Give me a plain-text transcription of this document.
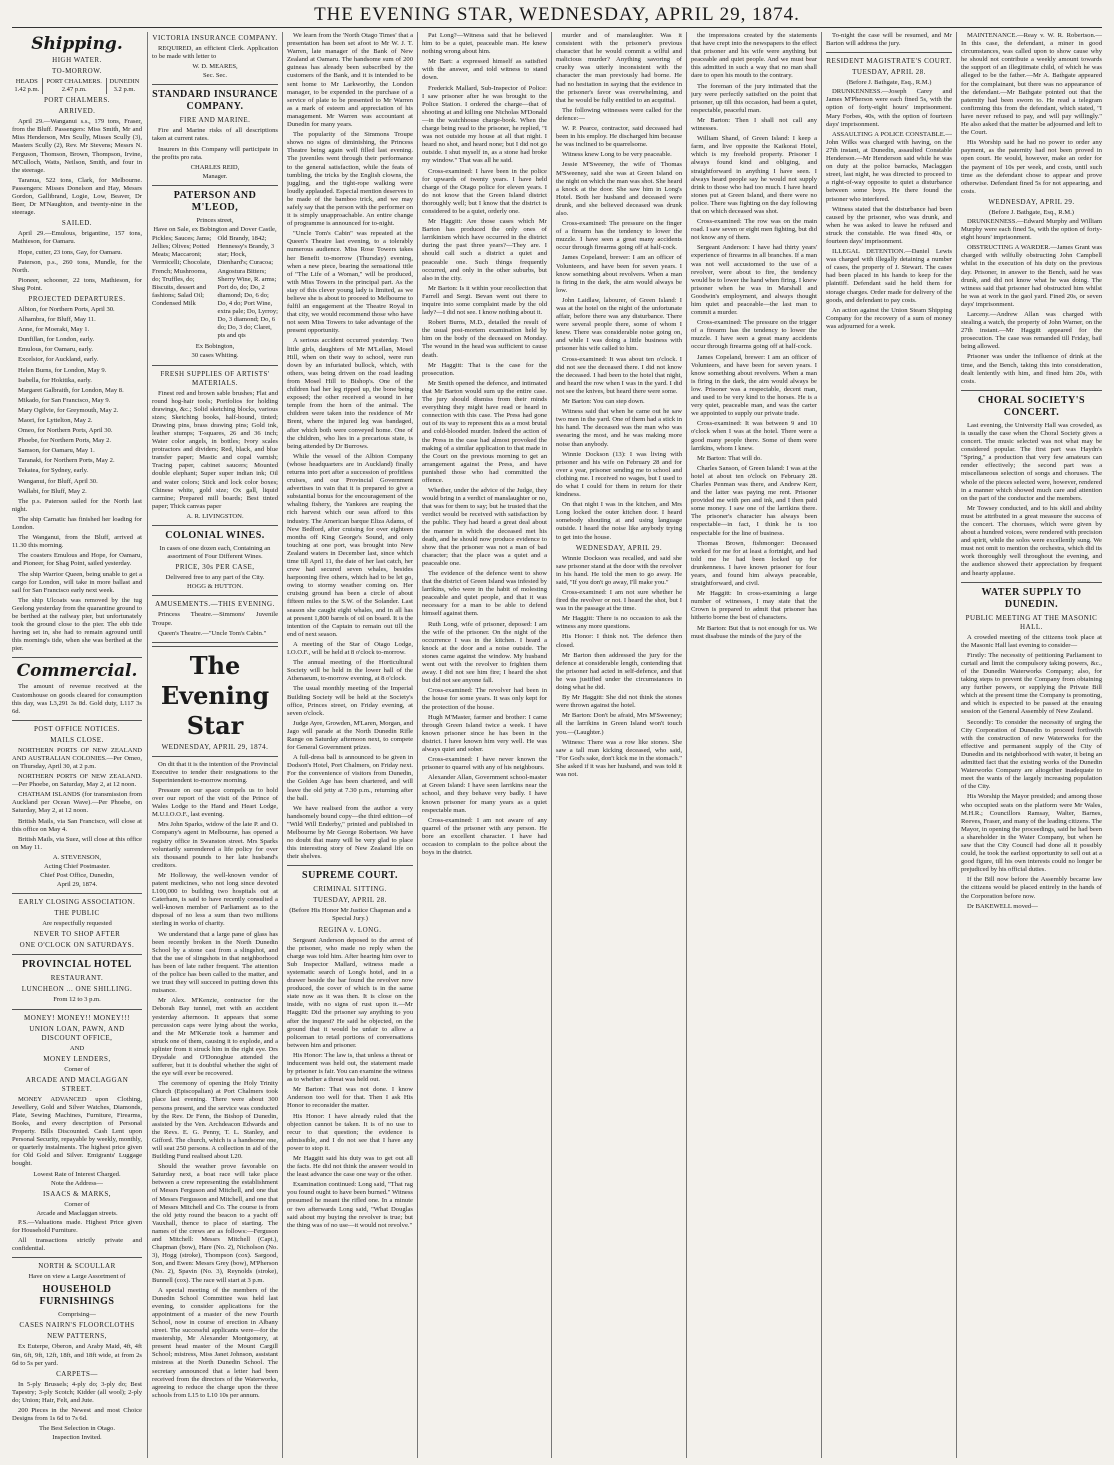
THE EVENING STAR, WEDNESDAY, APRIL 29, 1874.
Shipping.
HIGH WATER.
TO-MORROW.
HEADS	PORT CHALMERS.	DUNEDIN
1.42 p.m.	2.47 p.m.	3.2 p.m.
PORT CHALMERS.
ARRIVED.

April 29.—Wanganui s.s., 179 tons, Fraser, from the Bluff. Passengers: Miss Smith, Mr and Miss Henderson, Mrs Scully, Misses Scully (3), Masters Scully (2), Rev. Mr Stevens; Messrs N. Ferguson, Thomson, Brown, Thompson, Irvine, M'Culloch, Watts, Neilson, Smith, and four in the steerage.

Taranua, 522 tons, Clark, for Melbourne. Passengers: Misses Donelson and Hay, Messrs Gordon, Gallibrand, Logie, Low, Beaver, Dr Beer, Dr M'Naughton, and twenty-nine in the steerage.

SAILED.

April 29.—Emulous, brigantine, 157 tons, Mathieson, for Oamaru.

Hope, cutter, 23 tons, Gay, for Oamaru.

Paterson, p.s., 260 tons, Mundle, for the North.

Pioneer, schooner, 22 tons, Mathieson, for Shag Point.

PROJECTED DEPARTURES.

Albion, for Northern Ports, April 30.

Alhambra, for Bluff, May 11.

Anne, for Moeraki, May 1.

Dunfillan, for London, early.

Emulous, for Oamaru, early.

Excelsior, for Auckland, early.

Helen Burns, for London, May 9.

Isabella, for Hokitika, early.

Margaret Galbraith, for London, May 8.

Mikado, for San Francisco, May 9.

Mary Ogilvie, for Greymouth, May 2.

Maori, for Lyttelton, May 2.

Omeo, for Northern Ports, April 30.

Phoebe, for Northern Ports, May 2.

Samson, for Oamaru, May 1.

Taranaki, for Northern Ports, May 2.

Tekatea, for Sydney, early.

Wanganui, for Bluff, April 30.

Wallabi, for Bluff, May 2.

The p.s. Paterson sailed for the North last night.

The ship Carnatic has finished her loading for London.

The Wanganui, from the Bluff, arrived at 11.30 this morning.

The coasters Emulous and Hope, for Oamaru, and Pioneer, for Shag Point, sailed yesterday.

The ship Warrior Queen, being unable to get a cargo for London, will take in more ballast and sail for San Francisco early next week.

The ship Ulcoats was removed by the tug Geelong yesterday from the quarantine ground to be berthed at the railway pier, but unfortunately took the ground close to the pier. The ebb tide having set in, she had to remain aground until this morning's tide, when she was berthed at the pier.

Commercial.

The amount of revenue received at the Customhouse on goods cleared for consumption this day, was L3,291 3s 8d. Gold duty, L117 3s 6d.

POST OFFICE NOTICES.
MAILS CLOSE.

NORTHERN PORTS OF NEW ZEALAND AND AUSTRALIAN COLONIES.—Per Omeo, on Thursday, April 30, at 2 p.m.

NORTHERN PORTS OF NEW ZEALAND.—Per Phoebe, on Saturday, May 2, at 12 noon.

CHATHAM ISLANDS (for transmission from Auckland per Ocean Wave).—Per Phoebe, on Saturday, May 2, at 12 noon.

British Mails, via San Francisco, will close at this office on May 4.

British Mails, via Suez, will close at this office on May 11.

A. STEVENSON,

Acting Chief Postmaster.

Chief Post Office, Dunedin,

April 29, 1874.

EARLY CLOSING ASSOCIATION.
THE PUBLIC

Are respectfully requested

NEVER TO SHOP AFTER
ONE O'CLOCK ON SATURDAYS.
PROVINCIAL HOTEL
RESTAURANT.
LUNCHEON ... ONE SHILLING.

From 12 to 3 p.m.

MONEY! MONEY!! MONEY!!!
UNION LOAN, PAWN, AND DISCOUNT OFFICE,

AND

MONEY LENDERS,

Corner of

ARCADE AND MACLAGGAN STREET.

MONEY ADVANCED upon Clothing, Jewellery, Gold and Silver Watches, Diamonds, Plate, Sewing Machines, Furniture, Firearms, Books, and every description of Personal Property. Bills Discounted. Cash Lent upon Personal Security, repayable by weekly, monthly, or quarterly instalments. The highest price given for Old Gold and Silver. Emigrants' Luggage bought.

Lowest Rate of Interest Charged.

Note the Address—

ISAACS & MARKS,

Corner of

Arcade and Maclaggan streets.

P.S.—Valuations made. Highest Price given for Household Furniture.

All transactions strictly private and confidential.

NORTH & SCOULLAR

Have on view a Large Assortment of

HOUSEHOLD FURNISHINGS

Comprising—

CASES NAIRN'S FLOORCLOTHS
NEW PATTERNS,

Ex Euterpe, Oberon, and Araby Maid, 4ft, 4ft 6in, 6ft, 9ft, 12ft, 18ft, and 18ft wide, at from 2s 6d to 5s per yard.

CARPETS—

In 5-ply Brussels; 4-ply do; 3-ply do; Best Tapestry; 3-ply Scotch; Kidder (all wool); 2-ply do; Union; Hair, Felt, and Jute.

200 Pieces in the Newest and most Choice Designs from 1s 6d to 7s 6d.

The Best Selection in Otago.

Inspection Invited.

VICTORIA INSURANCE COMPANY.

REQUIRED, an efficient Clerk. Application to be made with letter to

W. D. MEARES,

Sec. Sec.

STANDARD INSURANCE COMPANY.
FIRE AND MARINE.

Fire and Marine risks of all descriptions taken at current rates.

Insurers in this Company will participate in the profits pro rata.

CHARLES REID,

Manager.

PATERSON AND M'LEOD,

Princes street,

Have on Sale, ex Bobington and Dover Castle,

Pickles; Sauces; Jams; Jellies; Olives; Potted Meats; Maccaroni; Vermicelli; Chocolate, French; Mushrooms, do; Truffles, do; Biscuits, dessert and fashions; Salad Oil; Condensed Milk

Old Brandy, 1842; Hennessy's Brandy, 3 star; Hock, Dienhard's; Curacoa; Angostura Bitters; Sherry Wine, R. arms; Port do, do; Do, 2 diamond; Do, 6 do; Do, 4 do; Port Wine, extra pale; Do, Lyrroy; Do, 3 diamond; Do, 6 do; Do, 3 do; Claret, pts and qts

Ex Bobington,

30 cases Whiting.

FRESH SUPPLIES OF ARTISTS' MATERIALS.

Finest red and brown sable brushes; Flat and round hog-hair tools; Portfolios for holding drawings, &c.; Solid sketching blocks, various sizes; Sketching books, half-bound, tinted; Drawing pins, brass drawing pins; Gold ink, leather stumps; T-squares, 26 and 36 inch; Water color angels, in bottles; Ivory scales protractors and dividers; Red, black, and blue transfer paper; Mastic and copal varnish; Tracing paper, cabinet saucers; Mounted double elephant; Super super indian ink; Oil and water colors; Stick and lock color boxes; Chinese white, gold size; Ox gall, liquid carmine; Prepared mill boards; Best tinted paper; Thick canvas paper

A. R. LIVINGSTON.

COLONIAL WINES.

In cases of one dozen each, Containing an assortment of Four Different Wines.

PRICE, 30s PER CASE,

Delivered free to any part of the City.

HOGG & HUTTON.

AMUSEMENTS.—THIS EVENING.

Princess Theatre.—Simmons' Juvenile Troupe.

Queen's Theatre.—"Uncle Tom's Cabin."

The Evening Star
WEDNESDAY, APRIL 29, 1874.

On dit that it is the intention of the Provincial Executive to tender their resignations to the Superintendent to-morrow morning.

Pressure on our space compels us to hold over our report of the visit of the Prince of Wales Lodge to the Hand and Heart Lodge, M.U.I.O.O.F., last evening.

Mrs John Sparks, widow of the late P. and O. Company's agent in Melbourne, has opened a registry office in Swanston street. Mrs Sparks voluntarily surrendered a life policy for over six thousand pounds to her late husband's creditors.

Mr Holloway, the well-known vendor of patent medicines, who not long since devoted L100,000 to building two hospitals out at Caterham, is said to have recently consulted a well-known member of Parliament as to the disposal of no less a sum than two millions sterling in works of charity.

We understand that a large pane of glass has been recently broken in the North Dunedin School by a stone cast from a slingshot, and that the use of slingshots in that neighborhood has been of late rather frequent. The attention of the police has been called to the matter, and we trust they will succeed in putting down this nuisance.

Mr Alex. M'Kenzie, contractor for the Deborah Bay tunnel, met with an accident yesterday afternoon. It appears that some percussion caps were lying about the works, and the Mr M'Kenzie took a hammer and struck one of them, causing it to explode, and a splinter from it struck him in the right eye. Drs Drysdale and O'Donoghue attended the sufferer, but it is doubtful whether the sight of the eye will ever be recovered.

The ceremony of opening the Holy Trinity Church (Episcopalian) at Port Chalmers took place last evening. There were about 300 persons present, and the service was conducted by the Rev. Dr Fenn, the Bishop of Dunedin, assisted by the Ven. Archdeacon Edwards and the Revs. E. G. Penny, T. L. Stanley, and Gifford. The church, which is a handsome one, will seat 250 persons. A collection in aid of the Building Fund realised about L20.

Should the weather prove favorable on Saturday next, a boat race will take place between a crew representing the establishment of Messrs Ferguson and Mitchell, and one that of Messrs Fergusson and Mitchell, and one that of Messrs Mitchell and Co. The course is from the old jetty round the beacon to a yacht off Vauxhall, thence to place of starting. The names of the crews are as follows:—Ferguson and Mitchell: Messrs Mitchell (Capt.), Chapman (bow), Hare (No. 2), Nicholson (No. 3), Hogg (stroke), Thompson (cox). Sargood, Son, and Ewen: Messrs Grey (bow), M'Pherson (No. 2), Spavin (No. 3), Reynolds (stroke), Bunnell (cox). The race will start at 3 p.m.

A special meeting of the members of the Dunedin School Committee was held last evening, to consider applications for the appointment of a master of the new Fourth School, now in course of erection in Albany street. The successful applicants were—for the mastership, Mr Alexander Montgomery, at present head master of the Mount Cargill School; mistress, Miss Janet Johnson, assistant mistress at the North Dunedin School. The secretary announced that a letter had been received from the directors of the Waterworks, agreeing to reduce the charge upon the three schools from L15 to L10 10s per annum.

We learn from the 'North Otago Times' that a presentation has been set afoot to Mr W. J. T. Warren, late manager of the Bank of New Zealand at Oamaru. The handsome sum of 200 guineas has already been subscribed by the customers of the Bank, and it is intended to be sent home to Mr Larkworthy, the London manager, to be expended in the purchase of a service of plate to be presented to Mr Warren as a mark of esteem and appreciation of his management. Mr Warren was accountant at Dunedin for many years.

The popularity of the Simmons Troupe shows no signs of diminishing, the Princess Theatre being again well filled last evening. The juveniles went through their performance to the general satisfaction, while the feats of tumbling, the tricks by the English clowns, the juggling, and the tight-rope walking were loudly applauded. Especial mention deserves to be made of the bamboo trick, and we may safely say that the person with the performer on it is simply unapproachable. An entire change of programme is announced for to-night.

"Uncle Tom's Cabin" was repeated at the Queen's Theatre last evening, to a tolerably numerous audience. Miss Rose Towers takes her Benefit to-morrow (Thursday) evening, when a new piece, bearing the sensational title of "The Life of a Woman," will be produced, with Miss Towers in the principal part. As the stay of this clever young lady is limited, as we believe she is about to proceed to Melbourne to fulfil an engagement at the Theatre Royal in that city, we would recommend those who have not seen Miss Towers to take advantage of the present opportunity.

A serious accident occurred yesterday. Two little girls, daughters of Mr M'Lellan, Mosel Hill, when on their way to school, were run down by an infuriated bullock, which, with others, was being driven on the road leading from Mosel Hill to Bishop's. One of the children had her leg ripped up, the bone being exposed; the other received a wound in her temple from the horn of the animal. The children were taken into the residence of Mr Brent, where the injured leg was bandaged, after which both were conveyed home. One of the children, who lies in a precarious state, is being attended by Dr Burrows.

While the vessel of the Albion Company (whose headquarters are in Auckland) finally returns into port after a succession of profitless cruises, and our Provincial Government advertises in vain that it is prepared to give a substantial bonus for the encouragement of the whaling fishery, the Yankees are reaping the rich harvest which our seas afford to this industry. The American barque Eliza Adams, of New Bedford, after cruising for over eighteen months off King George's Sound, and only touching at one port, was brought into New Zealand waters in December last, since which time till April 11, the date of her last catch, her crew had secured seven whales, besides harpooning five others, which had to be let go, owing to stormy weather coming on. Her cruising ground has been a circle of about fifteen miles to the S.W. of the Solander. Last season she caught eight whales, and in all has at present 1,800 barrels of oil on board. It is the intention of the Captain to remain out till the end of next season.

A meeting of the Star of Otago Lodge, I.O.O.F., will be held at 8 o'clock to-morrow.

The annual meeting of the Horticultural Society will be held in the lower hall of the Athenaeum, to-morrow evening, at 8 o'clock.

The usual monthly meeting of the Imperial Building Society will be held at the Society's office, Princes street, on Friday evening, at seven o'clock.

Judge Ayre, Growden, M'Laren, Morgan, and Jago will parade at the North Dunedin Rifle Range on Saturday afternoon next, to compete for General Government prizes.

A full-dress ball is announced to be given in Dodson's Hotel, Port Chalmers, on Friday next. For the convenience of visitors from Dunedin, the Golden Age has been chartered, and will leave the old jetty at 7.30 p.m., returning after the ball.

We have realised from the author a very handsomely bound copy—the third edition—of "Wild Will Enderby," printed and published in Melbourne by Mr George Robertson. We have no doubt that many will be very glad to place this interesting story of New Zealand life on their shelves.

SUPREME COURT.
CRIMINAL SITTING.
TUESDAY, APRIL 28.

(Before His Honor Mr Justice Chapman and a Special Jury.)

REGINA v. LONG.

Sergeant Anderson deposed to the arrest of the prisoner, who made no reply when the charge was told him. After hearing him over to Sub Inspector Mallard, witness made a systematic search of Long's hotel, and in a drawer beside the bar found the revolver now produced, the cover of which is in the same state now as it was then. It is close on the inside, with no signs of rust upon it.—Mr Haggitt: Did the prisoner say anything to you after the inquest? He said he objected, on the ground that it would be unfair to allow a policeman to retail portions of conversations between him and prisoner.

His Honor: The law is, that unless a threat or inducement was held out, the statement made by prisoner is fair. You can examine the witness as to whether a threat was held out.

Mr Barton: That was not done. I know Anderson too well for that. Then I ask His Honor to reconsider the matter.

His Honor: I have already ruled that the objection cannot be taken. It is of no use to recur to that question; the evidence is admissible, and I do not see that I have any power to stop it.

Mr Haggitt said his duty was to get out all the facts. He did not think the answer would in the least advance the case one way or the other.

Examination continued: Long said, "That rag you found ought to have been burned." Witness presumed he meant the rifled one. In a minute or two afterwards Long said, "What Douglas said about my buying the revolver is true; but the thing was of no use—it would not revolve."

Pat Long?—Witness said that he believed him to be a quiet, peaceable man. He knew nothing wrong about him.

Mr Bart: a expressed himself as satisfied with the answer, and told witness to stand down.

Frederick Mallard, Sub-Inspector of Police: I saw prisoner after he was brought to the Police Station. I ordered the charge—that of shooting at and killing one Nicholas M'Donald—in the watchhouse charge-book. When the charge being read to the prisoner, he replied, "I was not outside my house at all that night. I heard no shot, and heard none; but I did not go outside. I shut myself in, as a stone had broke my window." That was all he said.

Cross-examined: I have been in the police for upwards of twenty years. I have held charge of the Otago police for eleven years. I do not know that the Green Island district thoroughly well; but I know that the district is considered to be a quiet, orderly one.

Mr Haggitt: Are those cases which Mr Barton has produced the only ones of larrikinism which have occurred in the district during the past three years?—They are. I should call such a district a quiet and peaceable one. Such things frequently occurred, and only in the other suburbs, but also in the city.

Mr Barton: Is it within your recollection that Farrell and Sergt. Bevan went out there to inquire into some complaint made by the old lady?—I did not see. I know nothing about it.

Robert Burns, M.D., detailed the result of the usual post-mortem examination held by him on the body of the deceased on Monday. The wound in the head was sufficient to cause death.

Mr Haggitt: That is the case for the prosecution.

Mr Smith opened the defence, and intimated that Mr Barton would sum up the entire case. The jury should dismiss from their minds everything they might have read or heard in connection with this case. The Press had gone out of its way to represent this as a most brutal and cold-blooded murder. Indeed the action of the Press in the case had almost provoked the making of a similar application to that made in the Court on the previous morning to get an arrangement against the Press, and have punished those who had committed the offence.

Whether, under the advice of the Judge, they would bring in a verdict of manslaughter or no, that was for them to say; but he trusted that the verdict would be received with satisfaction by the public. They had heard a great deal about the manner in which the deceased met his death, and he should now produce evidence to show that the prisoner was not a man of bad character; that the place was a quiet and a peaceable one.

The evidence of the defence went to show that the district of Green Island was infested by larrikins, who were in the habit of molesting peaceable and quiet people, and that it was necessary for a man to be able to defend himself against them.

Ruth Long, wife of prisoner, deposed: I am the wife of the prisoner. On the night of the occurrence I was in the kitchen. I heard a knock at the door and a noise outside. The stones came against the window. My husband went out with the revolver to frighten them away. I did not see him fire; I heard the shot but did not see anyone fall.

Cross-examined: The revolver had been in the house for some years. It was only kept for the protection of the house.

Hugh M'Master, farmer and brother: I came through Green Island twice a week. I have known prisoner since he has been in the district. I have known him very well. He was always quiet and sober.

Cross-examined: I have never known the prisoner to quarrel with any of his neighbours.

Alexander Allan, Government school-master at Green Island: I have seen larrikins near the school, and they behave very badly. I have known prisoner for many years as a quiet respectable man.

Cross-examined: I am not aware of any quarrel of the prisoner with any person. He bore an excellent character. I have had occasion to complain to the police about the boys in the district.

murder and of manslaughter. Was it consistent with the prisoner's previous character that he would commit a wilful and malicious murder? Anything savoring of cruelty was utterly inconsistent with the character the man previously had borne. He had no hesitation in saying that the evidence in the prisoner's favor was overwhelming, and that he would be fully entitled to an acquittal.

The following witnesses were called for the defence:—

W. P. Pearce, contractor, said deceased had been in his employ. He discharged him because he was inclined to be quarrelsome.

Witness knew Long to be very peaceable.

Jessie M'Sweeney, the wife of Thomas M'Sweeney, said she was at Green Island on the night on which the man was shot. She heard a knock at the door. She saw him in Long's Hotel. Both her husband and deceased were drunk, and she believed deceased was drunk also.

Cross-examined: The pressure on the finger of a firearm has the tendency to lower the muzzle. I have seen a great many accidents occur through firearms going off at half-cock.

James Copeland, brewer: I am an officer of Volunteers, and have been for seven years. I know something about revolvers. When a man is firing in the dark, the aim would always be low.

John Laidlaw, labourer, of Green Island: I was at the hotel on the night of the unfortunate affair, before there was any disturbance. There were several people there, some of whom I knew. There was considerable noise going on, and while I was doing a little business with prisoner his wife called to him.

Cross-examined: It was about ten o'clock. I did not see the deceased there. I did not know the deceased. I had been to the hotel that night, and heard the row when I was in the yard. I did not see the knives, but heard there were some.

Mr Barton: You can step down.

Witness said that when he came out he saw two men in the yard. One of them had a stick in his hand. The deceased was the man who was swearing the most, and he was making more noise than anybody.

Winnie Dockson (13): I was living with prisoner and his wife on February 28 and for over a year, prisoner sending me to school and clothing me. I received no wages, but I used to do what I could for them in return for their kindness.

On that night I was in the kitchen, and Mrs Long locked the outer kitchen door. I heard somebody shouting at and using language outside. I heard the noise like anybody trying to get into the house.

WEDNESDAY, APRIL 29.

Winnie Dockson was recalled, and said she saw prisoner stand at the door with the revolver in his hand. He told the men to go away. He said, "If you don't go away, I'll make you."

Cross-examined: I am not sure whether he fired the revolver or not. I heard the shot, but I was in the passage at the time.

Mr Haggitt: There is no occasion to ask the witness any more questions.

His Honor: I think not. The defence then closed.

Mr Barton then addressed the jury for the defence at considerable length, contending that the prisoner had acted in self-defence, and that he was justified under the circumstances in doing what he did.

By Mr Haggitt: She did not think the stones were thrown against the hotel.

Mr Barton: Don't be afraid, Mrs M'Sweeney; all the larrikins in Green Island won't touch you.—(Laughter.)

Witness: There was a row like stones. She saw a tall man kicking deceased, who said, "For God's sake, don't kick me in the stomach." She asked if it was her husband, and was told it was not.

the impressions created by the statements that have crept into the newspapers to the effect that prisoner and his wife were anything but peaceable and quiet people. And we must bear this admitted in such a way that no man shall dare to open his mouth to the contrary.

The foreman of the jury intimated that the jury were perfectly satisfied on the point that prisoner, up till this occasion, had been a quiet, respectable, peaceful man.

Mr Barton: Then I shall not call any witnesses.

William Shand, of Green Island: I keep a farm, and live opposite the Kaikorai Hotel, which is my freehold property. Prisoner I always found kind and obliging, and straightforward in anything I have seen. I always heard people say he would not supply drink to those who had too much. I have heard stones put at Green Island, and there were no police. There was fighting on the day following that on which deceased was shot.

Cross-examined: The row was on the main road. I saw seven or eight men fighting, but did not know any of them.

Sergeant Anderson: I have had thirty years' experience of firearms in all branches. If a man was not well accustomed to the use of a revolver, were about to fire, the tendency would be to lower the hand when firing. I knew prisoner when he was in Marshall and Goodwin's employment, and always thought him quiet and peaceable—the last man to commit a murder.

Cross-examined: The pressure on the trigger of a firearm has the tendency to lower the muzzle. I have seen a great many accidents occur through firearms going off at half-cock.

James Copeland, brewer: I am an officer of Volunteers, and have been for seven years. I know something about revolvers. When a man is firing in the dark, the aim would always be low. Prisoner was a respectable, decent man, and used to be very kind to the horses. He is a very quiet, peaceable man, and was the carter we appointed to supply our private trade.

Cross-examined: It was between 9 and 10 o'clock when I was at the hotel. There were a good many people there. Some of them were larrikins, whom I knew.

Mr Barton: That will do.

Charles Sanson, of Green Island: I was at the hotel at about ten o'clock on February 28. Charles Penman was there, and Andrew Kerr, and the latter was paying me rent. Prisoner provided me with pen and ink, and I then paid some money. I saw one of the larrikins there. The prisoner's character has always been respectable—in fact, I think he is too respectable for the line of business.

Thomas Brown, fishmonger: Deceased worked for me for at least a fortnight, and had told me he had been locked up for drunkenness. I have known prisoner for four years, and found him always peaceable, straightforward, and civil.

Mr Haggitt: In cross-examining a large number of witnesses, I may state that the Crown is prepared to admit that prisoner has hitherto borne the best of characters.

Mr Barton: But that is not enough for us. We must disabuse the minds of the jury of the

To-night the case will be resumed, and Mr Barton will address the jury.

RESIDENT MAGISTRATE'S COURT.
TUESDAY, APRIL 28.

(Before J. Bathgate, Esq., R.M.)

DRUNKENNESS.—Joseph Carey and James M'Pherson were each fined 5s, with the option of forty-eight hours' imprisonment. Mary Forbes, 40s, with the option of fourteen days' imprisonment.

ASSAULTING A POLICE CONSTABLE.—John Wilks was charged with having, on the 27th instant, at Dunedin, assaulted Constable Henderson.—Mr Henderson said while he was on duty at the police barracks, Maclaggan street, last night, he was directed to proceed to a right-of-way opposite to quiet a disturbance between some boys. He there found the prisoner who interfered.

Witness stated that the disturbance had been caused by the prisoner, who was drunk, and when he was asked to leave he refused and struck the constable. He was fined 40s, or fourteen days' imprisonment.

ILLEGAL DETENTION.—Daniel Lewis was charged with illegally detaining a number of cases, the property of J. Stewart. The cases had been placed in his hands to keep for the plaintiff. Defendant said he held them for storage charges. Order made for delivery of the goods, and defendant to pay costs.

An action against the Union Steam Shipping Company for the recovery of a sum of money was adjourned for a week.

MAINTENANCE.—Reay v. W. R. Robertson.—In this case, the defendant, a miner in good circumstances, was called upon to show cause why he should not contribute a weekly amount towards the support of an illegitimate child, of which he was alleged to be the father.—Mr A. Bathgate appeared for the complainant, but there was no appearance of the defendant.—Mr Bathgate pointed out that the paternity had been sworn to. He read a telegram confirming this from the defendant, which stated, "I have never refused to pay, and will pay willingly." He also asked that the matter be adjourned and left to the Court.

His Worship said he had no power to order any payment, as the paternity had not been proved in open court. He would, however, make an order for the payment of 10s per week, and costs, until such time as the defendant chose to appear and prove otherwise. Defendant fined 5s for not appearing, and costs.

WEDNESDAY, APRIL 29.

(Before J. Bathgate, Esq., R.M.)

DRUNKENNESS.—Edward Murphy and William Murphy were each fined 5s, with the option of forty-eight hours' imprisonment.

OBSTRUCTING A WARDER.—James Grant was charged with wilfully obstructing John Campbell whilst in the execution of his duty on the previous day. Prisoner, in answer to the Bench, said he was drunk, and did not know what he was doing. The witness said that prisoner had obstructed him whilst he was at work in the gaol yard. Fined 20s, or seven days' imprisonment.

Larceny.—Andrew Allan was charged with stealing a watch, the property of John Warner, on the 27th instant.—Mr Haggitt appeared for the prosecution. The case was remanded till Friday, bail being allowed.

Prisoner was under the influence of drink at the time, and the Bench, taking this into consideration, dealt leniently with him, and fined him 20s, with costs.

CHORAL SOCIETY'S CONCERT.

Last evening, the University Hall was crowded, as is usually the case when the Choral Society gives a concert. The music selected was not what may be considered popular. The first part was Haydn's "Spring," a production that very few amateurs can render effectively; the second part was a miscellaneous selection of songs and choruses. The whole of the pieces selected were, however, rendered in a manner which showed much care and attention on the part of the conductor and the members.

Mr Towsey conducted, and to his skill and ability must be attributed in a great measure the success of the concert. The choruses, which were given by about a hundred voices, were rendered with precision and spirit, while the solos were excellently sung. We must not omit to mention the orchestra, which did its work thoroughly well throughout the evening, and the audience showed their appreciation by frequent and hearty applause.

WATER SUPPLY TO DUNEDIN.
PUBLIC MEETING AT THE MASONIC HALL.

A crowded meeting of the citizens took place at the Masonic Hall last evening to consider—

Firstly: The necessity of petitioning Parliament to curtail and limit the compulsory taking powers, &c., of the Dunedin Waterworks Company; also, for taking steps to prevent the Company from obtaining any further powers, or supplying the Private Bill which at the present time the Company is promoting, and which is expected to be passed at the ensuing session of the General Assembly of New Zealand.

Secondly: To consider the necessity of urging the City Corporation of Dunedin to proceed forthwith with the construction of new Waterworks for the effective and permanent supply of the City of Dunedin and its neighborhood with water, it being an admitted fact that the existing works of the Dunedin Waterworks Company are altogether inadequate to meet the wants of the largely increasing population of the City.

His Worship the Mayor presided; and among those who occupied seats on the platform were Mr Wales, M.H.R.; Councillors Ramsay, Walter, Barnes, Reeves, Fraser, and many of the leading citizens. The Mayor, in opening the proceedings, said he had been a shareholder in the Water Company, but when he saw that the City Council had done all it possibly could, he took the earliest opportunity to sell out at a good figure, till his own interests could no longer be prejudiced by his official duties.

If the Bill now before the Assembly became law the citizens would be placed entirely in the hands of the Corporation before now.

Dr BAKEWELL moved—
